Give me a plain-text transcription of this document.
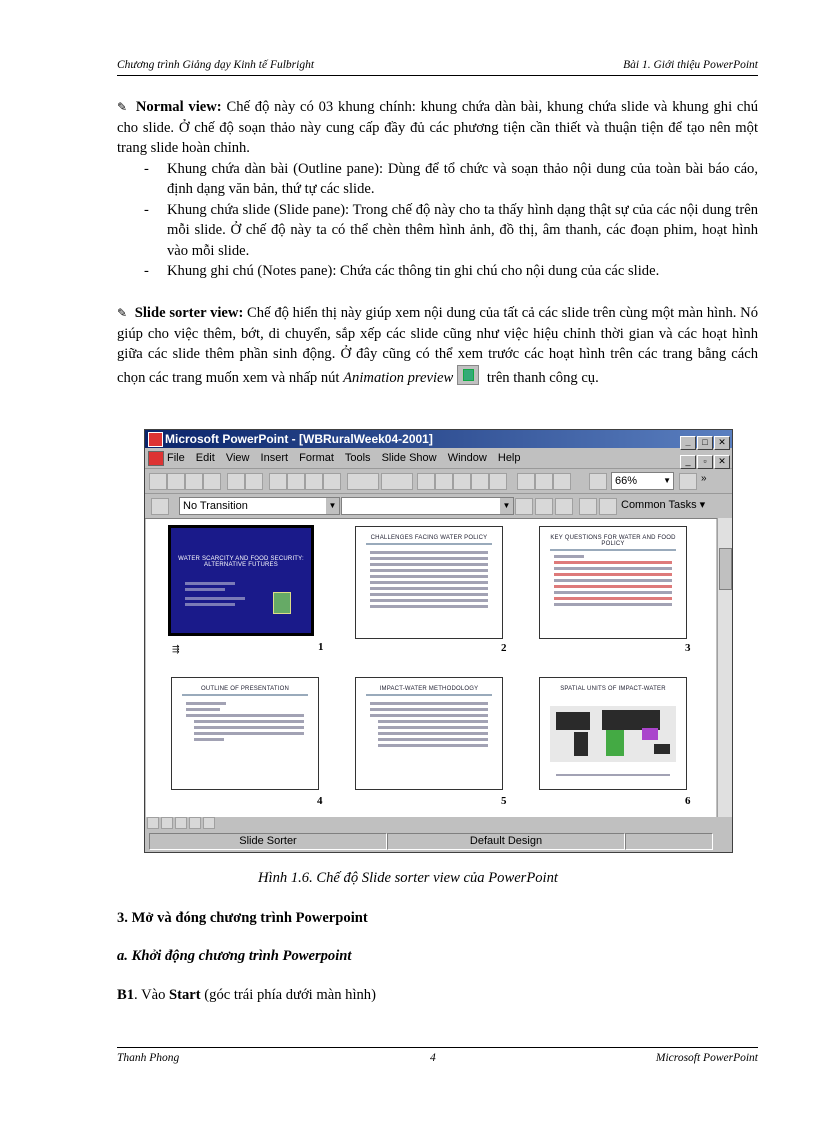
Chương trình Giảng dạy Kinh tế Fulbright	Bài 1. Giới thiệu PowerPoint
✎ Normal view: Chế độ này có 03 khung chính: khung chứa dàn bài, khung chứa slide và khung ghi chú cho slide. Ở chế độ soạn thảo này cung cấp đầy đủ các phương tiện cần thiết và thuận tiện để tạo nên một trang slide hoàn chỉnh.
- Khung chứa dàn bài (Outline pane): Dùng để tổ chức và soạn thảo nội dung của toàn bài báo cáo, định dạng văn bản, thứ tự các slide.
- Khung chứa slide (Slide pane): Trong chế độ này cho ta thấy hình dạng thật sự của các nội dung trên mỗi slide. Ở chế độ này ta có thể chèn thêm hình ảnh, đồ thị, âm thanh, các đoạn phim, hoạt hình vào mỗi slide.
- Khung ghi chú (Notes pane): Chứa các thông tin ghi chú cho nội dung của các slide.
✎ Slide sorter view: Chế độ hiển thị này giúp xem nội dung của tất cả các slide trên cùng một màn hình. Nó giúp cho việc thêm, bớt, di chuyển, sắp xếp các slide cũng như việc hiệu chỉnh thời gian và các hoạt hình giữa các slide thêm phần sinh động. Ở đây cũng có thể xem trước các hoạt hình trên các trang bằng cách chọn các trang muốn xem và nhấp nút Animation preview trên thanh công cụ.
Microsoft PowerPoint - [WBRuralWeek04-2001]	_ □ ✕
File Edit View Insert Format Tools Slide Show Window Help	_ ▫ ✕
66%	▼	»
No Transition	▼	▼	Common Tasks ▾
WATER SCARCITY AND FOOD SECURITY: ALTERNATIVE FUTURES
⇶	1
CHALLENGES FACING WATER POLICY
2
KEY QUESTIONS FOR WATER AND FOOD POLICY
3
OUTLINE OF PRESENTATION
4
IMPACT-WATER METHODOLOGY
5
SPATIAL UNITS OF IMPACT-WATER
6
Slide Sorter	Default Design
Hình 1.6. Chế độ Slide sorter view của PowerPoint
3. Mở và đóng chương trình Powerpoint
a. Khởi động chương trình Powerpoint
B1. Vào Start (góc trái phía dưới màn hình)
Thanh Phong	4	Microsoft PowerPoint
